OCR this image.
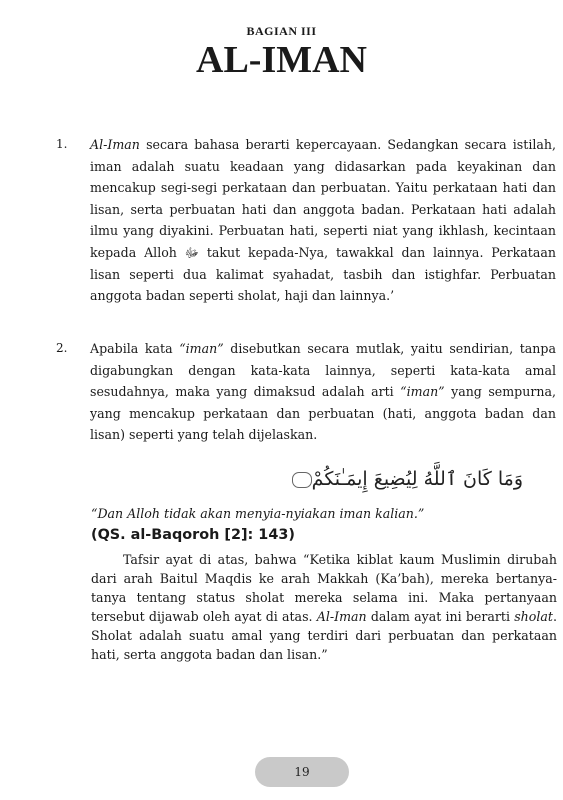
BAGIAN III
AL-IMAN
1. Al-Iman secara bahasa berarti kepercayaan. Sedangkan secara istilah, iman adalah suatu keadaan yang didasarkan pada keyakinan dan mencakup segi-segi perkataan dan perbuatan. Yaitu perkataan hati dan lisan, serta perbuatan hati dan anggota badan. Perkataan hati adalah ilmu yang diyakini. Perbuatan hati, seperti niat yang ikhlash, kecintaan kepada Alloh ﷻ takut kepada-Nya, tawakkal dan lainnya. Perkataan lisan seperti dua kalimat syahadat, tasbih dan istighfar. Perbuatan anggota badan seperti sholat, haji dan lainnya.’

2. Apabila kata “iman” disebutkan secara mutlak, yaitu sendirian, tanpa digabungkan dengan kata-kata lainnya, seperti kata-kata amal sesudahnya, maka yang dimaksud adalah arti “iman” yang sempurna, yang mencakup perkataan dan perbuatan (hati, anggota badan dan lisan) seperti yang telah dijelaskan.

وَمَا كَانَ ٱللَّهُ لِيُضِيعَ إِيمَـٰنَكُمْ
“Dan Alloh tidak akan menyia-nyiakan iman kalian.”
(QS. al-Baqoroh [2]: 143)

Tafsir ayat di atas, bahwa “Ketika kiblat kaum Muslimin dirubah dari arah Baitul Maqdis ke arah Makkah (Ka’bah), mereka bertanya-tanya tentang status sholat mereka selama ini. Maka pertanyaan tersebut dijawab oleh ayat di atas. Al-Iman dalam ayat ini berarti sholat. Sholat adalah suatu amal yang terdiri dari perbuatan dan perkataan hati, serta anggota badan dan lisan.”

19
